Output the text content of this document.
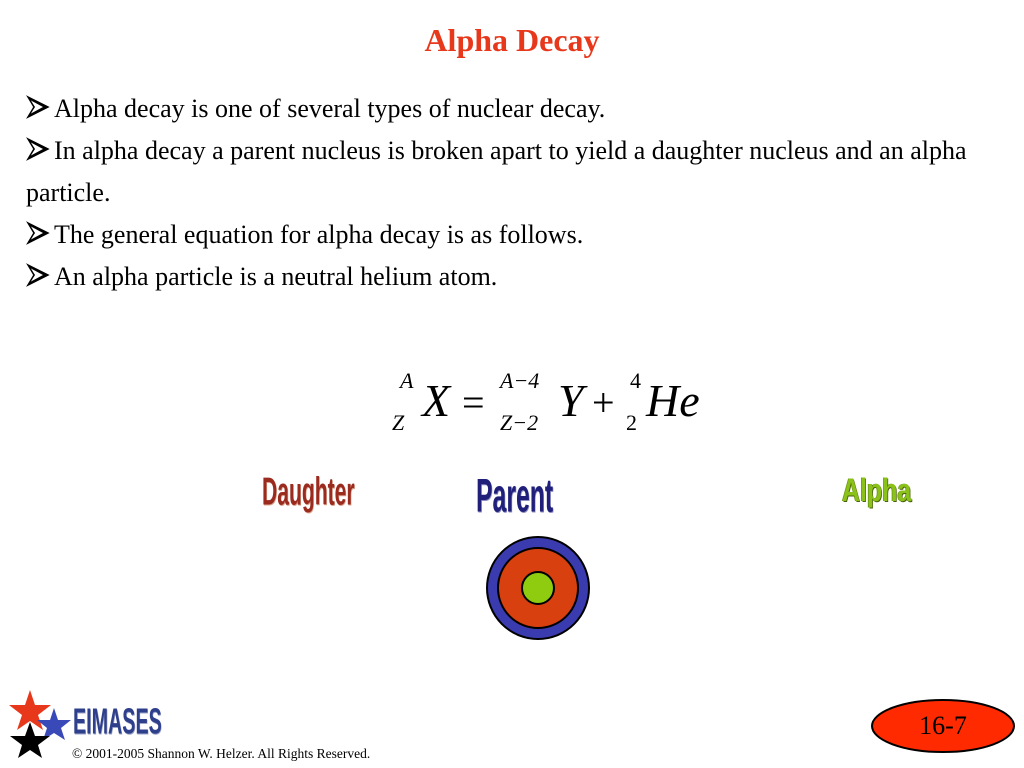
Alpha Decay

Alpha decay is one of several types of nuclear decay.

In alpha decay a parent nucleus is broken apart to yield a daughter nucleus and an alpha particle.

The general equation for alpha decay is as follows.

An alpha particle is a neutral helium atom.

A
Z X = A−4
Z−2 Y + 4
2 He
Daughter	Parent	Alpha
EIMASES
© 2001-2005 Shannon W. Helzer. All Rights Reserved.
16-7
